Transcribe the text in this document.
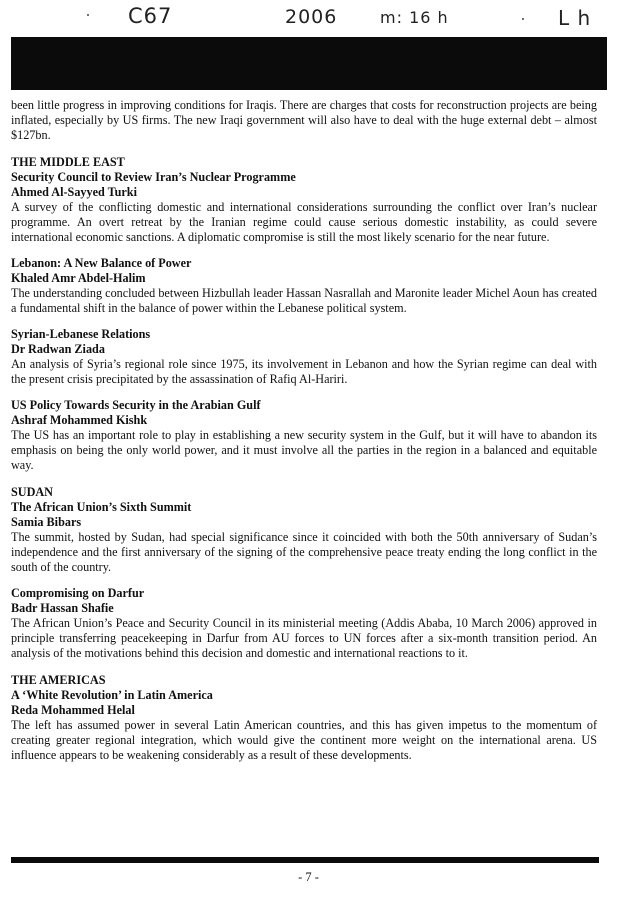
C67	2006	m: 16 h	L h

been little progress in improving conditions for Iraqis. There are charges that costs for reconstruction projects are being inflated, especially by US firms. The new Iraqi government will also have to deal with the huge external debt – almost $127bn.

THE MIDDLE EAST

Security Council to Review Iran’s Nuclear Programme

Ahmed Al-Sayyed Turki

A survey of the conflicting domestic and international considerations surrounding the conflict over Iran’s nuclear programme. An overt retreat by the Iranian regime could cause serious domestic instability, as could severe international economic sanctions. A diplomatic compromise is still the most likely scenario for the near future.

Lebanon: A New Balance of Power

Khaled Amr Abdel-Halim

The understanding concluded between Hizbullah leader Hassan Nasrallah and Maronite leader Michel Aoun has created a fundamental shift in the balance of power within the Lebanese political system.

Syrian-Lebanese Relations

Dr Radwan Ziada

An analysis of Syria’s regional role since 1975, its involvement in Lebanon and how the Syrian regime can deal with the present crisis precipitated by the assassination of Rafiq Al-Hariri.

US Policy Towards Security in the Arabian Gulf

Ashraf Mohammed Kishk

The US has an important role to play in establishing a new security system in the Gulf, but it will have to abandon its emphasis on being the only world power, and it must involve all the parties in the region in a balanced and equitable way.

SUDAN

The African Union’s Sixth Summit

Samia Bibars

The summit, hosted by Sudan, had special significance since it coincided with both the 50th anniversary of Sudan’s independence and the first anniversary of the signing of the comprehensive peace treaty ending the long conflict in the south of the country.

Compromising on Darfur

Badr Hassan Shafie

The African Union’s Peace and Security Council in its ministerial meeting (Addis Ababa, 10 March 2006) approved in principle transferring peacekeeping in Darfur from AU forces to UN forces after a six-month transition period. An analysis of the motivations behind this decision and domestic and international reactions to it.

THE AMERICAS

A ‘White Revolution’ in Latin America

Reda Mohammed Helal

The left has assumed power in several Latin American countries, and this has given impetus to the momentum of creating greater regional integration, which would give the continent more weight on the international arena. US influence appears to be weakening considerably as a result of these developments.

- 7 -
